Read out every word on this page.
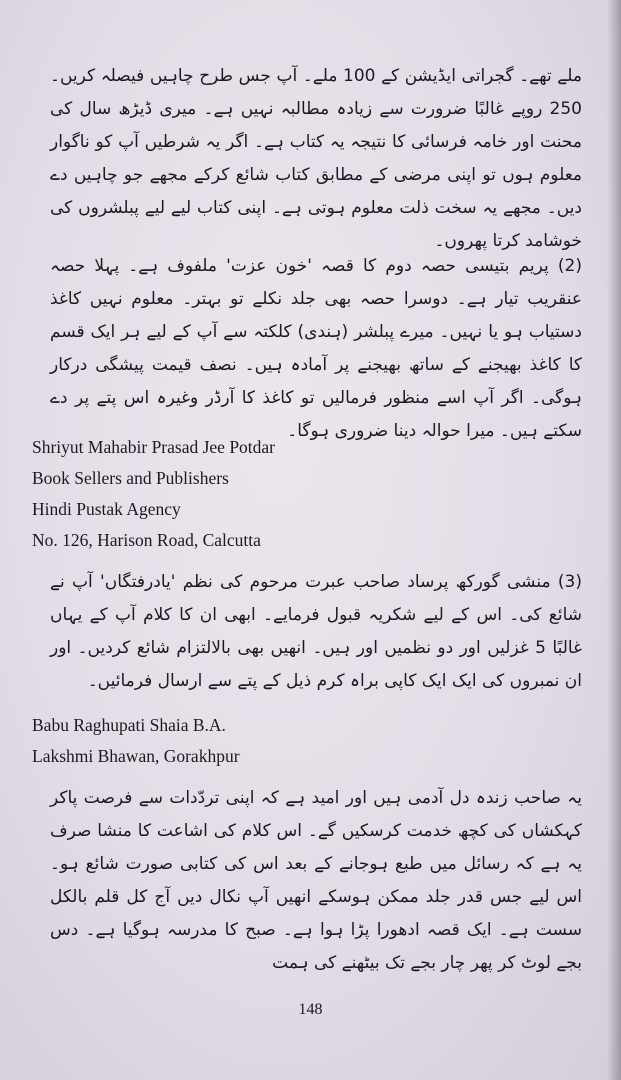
ملے تھے۔ گجراتی ایڈیشن کے 100 ملے۔ آپ جس طرح چاہیں فیصلہ کریں۔ 250 روپے غالبًا ضرورت سے زیادہ مطالبہ نہیں ہے۔ میری ڈیڑھ سال کی محنت اور خامہ فرسائی کا نتیجہ یہ کتاب ہے۔ اگر یہ شرطیں آپ کو ناگوار معلوم ہوں تو اپنی مرضی کے مطابق کتاب شائع کرکے مجھے جو چاہیں دے دیں۔ مجھے یہ سخت ذلت معلوم ہوتی ہے۔ اپنی کتاب لیے لیے پبلشروں کی خوشامد کرتا پھروں۔

(2) پریم بتیسی حصہ دوم کا قصہ 'خون عزت' ملفوف ہے۔ پہلا حصہ عنقریب تیار ہے۔ دوسرا حصہ بھی جلد نکلے تو بہتر۔ معلوم نہیں کاغذ دستیاب ہو یا نہیں۔ میرے پبلشر (ہندی) کلکتہ سے آپ کے لیے ہر ایک قسم کا کاغذ بھیجنے کے ساتھ بھیجنے پر آمادہ ہیں۔ نصف قیمت پیشگی درکار ہوگی۔ اگر آپ اسے منظور فرمالیں تو کاغذ کا آرڈر وغیرہ اس پتے پر دے سکتے ہیں۔ میرا حوالہ دینا ضروری ہوگا۔

Shriyut Mahabir Prasad Jee Potdar
Book Sellers and Publishers
Hindi Pustak Agency
No. 126, Harison Road, Calcutta

(3) منشی گورکھ پرساد صاحب عبرت مرحوم کی نظم 'یادرفتگاں' آپ نے شائع کی۔ اس کے لیے شکریہ قبول فرمایے۔ ابھی ان کا کلام آپ کے یہاں غالبًا 5 غزلیں اور دو نظمیں اور ہیں۔ انھیں بھی بالالتزام شائع کردیں۔ اور ان نمبروں کی ایک ایک کاپی براہ کرم ذیل کے پتے سے ارسال فرمائیں۔

Babu Raghupati Shaia B.A.
Lakshmi Bhawan, Gorakhpur

یہ صاحب زندہ دل آدمی ہیں اور امید ہے کہ اپنی تردّدات سے فرصت پاکر کہکشاں کی کچھ خدمت کرسکیں گے۔ اس کلام کی اشاعت کا منشا صرف یہ ہے کہ رسائل میں طبع ہوجانے کے بعد اس کی کتابی صورت شائع ہو۔ اس لیے جس قدر جلد ممکن ہوسکے انھیں آپ نکال دیں آج کل قلم بالکل سست ہے۔ ایک قصہ ادھورا پڑا ہوا ہے۔ صبح کا مدرسہ ہوگیا ہے۔ دس بجے لوٹ کر پھر چار بجے تک بیٹھنے کی ہمت

148
